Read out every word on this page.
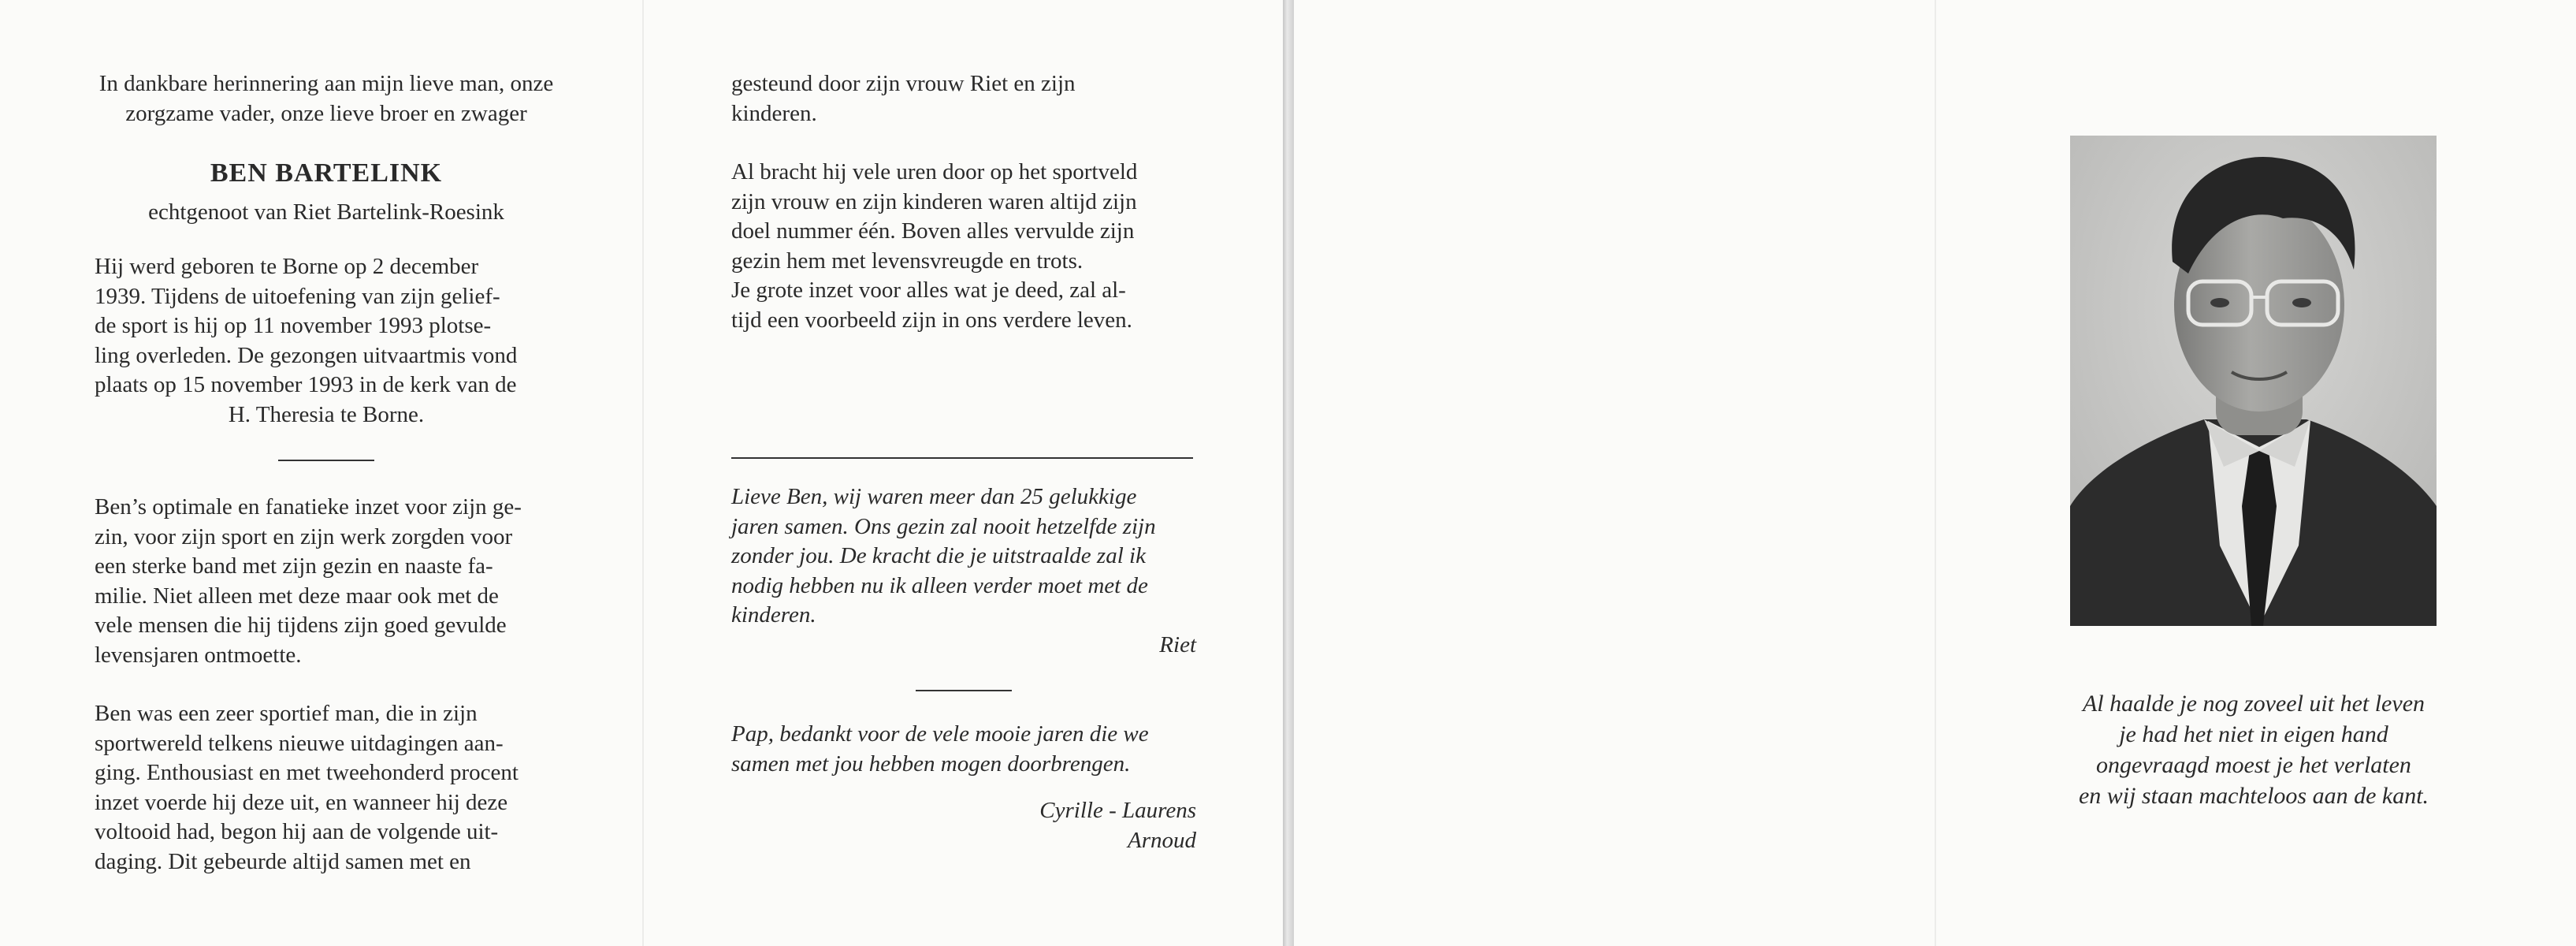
In dankbare herinnering aan mijn lieve man, onze zorgzame vader, onze lieve broer en zwager

BEN BARTELINK

echtgenoot van Riet Bartelink-Roesink

Hij werd geboren te Borne op 2 december

1939. Tijdens de uitoefening van zijn gelief-

de sport is hij op 11 november 1993 plotse-

ling overleden. De gezongen uitvaartmis vond

plaats op 15 november 1993 in de kerk van de

H. Theresia te Borne.

Ben’s optimale en fanatieke inzet voor zijn ge-

zin, voor zijn sport en zijn werk zorgden voor

een sterke band met zijn gezin en naaste fa-

milie. Niet alleen met deze maar ook met de

vele mensen die hij tijdens zijn goed gevulde

levensjaren ontmoette.

Ben was een zeer sportief man, die in zijn

sportwereld telkens nieuwe uitdagingen aan-

ging. Enthousiast en met tweehonderd procent

inzet voerde hij deze uit, en wanneer hij deze

voltooid had, begon hij aan de volgende uit-

daging. Dit gebeurde altijd samen met en

gesteund door zijn vrouw Riet en zijn

kinderen.

Al bracht hij vele uren door op het sportveld

zijn vrouw en zijn kinderen waren altijd zijn

doel nummer één. Boven alles vervulde zijn

gezin hem met levensvreugde en trots.

Je grote inzet voor alles wat je deed, zal al-

tijd een voorbeeld zijn in ons verdere leven.

Lieve Ben, wij waren meer dan 25 gelukkige

jaren samen. Ons gezin zal nooit hetzelfde zijn

zonder jou. De kracht die je uitstraalde zal ik

nodig hebben nu ik alleen verder moet met de

kinderen.

Riet

Pap, bedankt voor de vele mooie jaren die we

samen met jou hebben mogen doorbrengen.

Cyrille - Laurens

Arnoud

Al haalde je nog zoveel uit het leven

je had het niet in eigen hand

ongevraagd moest je het verlaten

en wij staan machteloos aan de kant.
